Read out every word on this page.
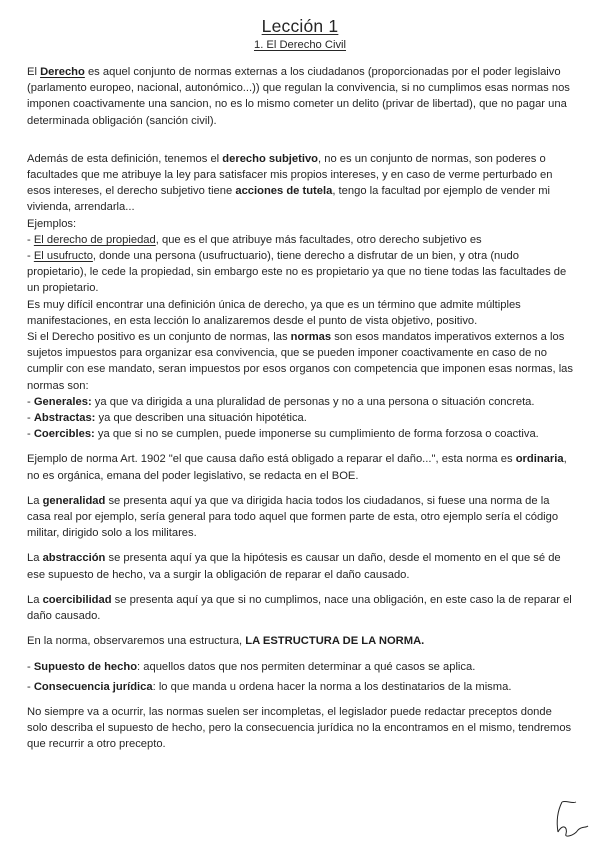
Lección 1
1. El Derecho Civil

El Derecho es aquel conjunto de normas externas a los ciudadanos (proporcionadas por el poder legislaivo (parlamento europeo, nacional, autonómico...)) que regulan la convivencia, si no cumplimos esas normas nos imponen coactivamente una sancion, no es lo mismo cometer un delito (privar de libertad), que no pagar una determinada obligación (sanción civil).

Además de esta definición, tenemos el derecho subjetivo, no es un conjunto de normas, son poderes o facultades que me atribuye la ley para satisfacer mis propios intereses, y en caso de verme perturbado en esos intereses, el derecho subjetivo tiene acciones de tutela, tengo la facultad por ejemplo de vender mi vivienda, arrendarla...

Ejemplos:

- El derecho de propiedad, que es el que atribuye más facultades, otro derecho subjetivo es

- El usufructo, donde una persona (usufructuario), tiene derecho a disfrutar de un bien, y otra (nudo propietario), le cede la propiedad, sin embargo este no es propietario ya que no tiene todas las facultades de un propietario.

Es muy difícil encontrar una definición única de derecho, ya que es un término que admite múltiples manifestaciones, en esta lección lo analizaremos desde el punto de vista objetivo, positivo.

Si el Derecho positivo es un conjunto de normas, las normas son esos mandatos imperativos externos a los sujetos impuestos para organizar esa convivencia, que se pueden imponer coactivamente en caso de no cumplir con ese mandato, seran impuestos por esos organos con competencia que imponen esas normas, las normas son:

- Generales: ya que va dirigida a una pluralidad de personas y no a una persona o situación concreta.

- Abstractas: ya que describen una situación hipotética.

- Coercibles: ya que si no se cumplen, puede imponerse su cumplimiento de forma forzosa o coactiva.

Ejemplo de norma Art. 1902 "el que causa daño está obligado a reparar el daño...", esta norma es ordinaria, no es orgánica, emana del poder legislativo, se redacta en el BOE.

La generalidad se presenta aquí ya que va dirigida hacia todos los ciudadanos, si fuese una norma de la casa real por ejemplo, sería general para todo aquel que formen parte de esta, otro ejemplo sería el código militar, dirigido solo a los militares.

La abstracción se presenta aquí ya que la hipótesis es causar un daño, desde el momento en el que sé de ese supuesto de hecho, va a surgir la obligación de reparar el daño causado.

La coercibilidad se presenta aquí ya que si no cumplimos, nace una obligación, en este caso la de reparar el daño causado.

En la norma, observaremos una estructura, LA ESTRUCTURA DE LA NORMA.

- Supuesto de hecho: aquellos datos que nos permiten determinar a qué casos se aplica.

- Consecuencia jurídica: lo que manda u ordena hacer la norma a los destinatarios de la misma.

No siempre va a ocurrir, las normas suelen ser incompletas, el legislador puede redactar preceptos donde solo describa el supuesto de hecho, pero la consecuencia jurídica no la encontramos en el mismo, tendremos que recurrir a otro precepto.
